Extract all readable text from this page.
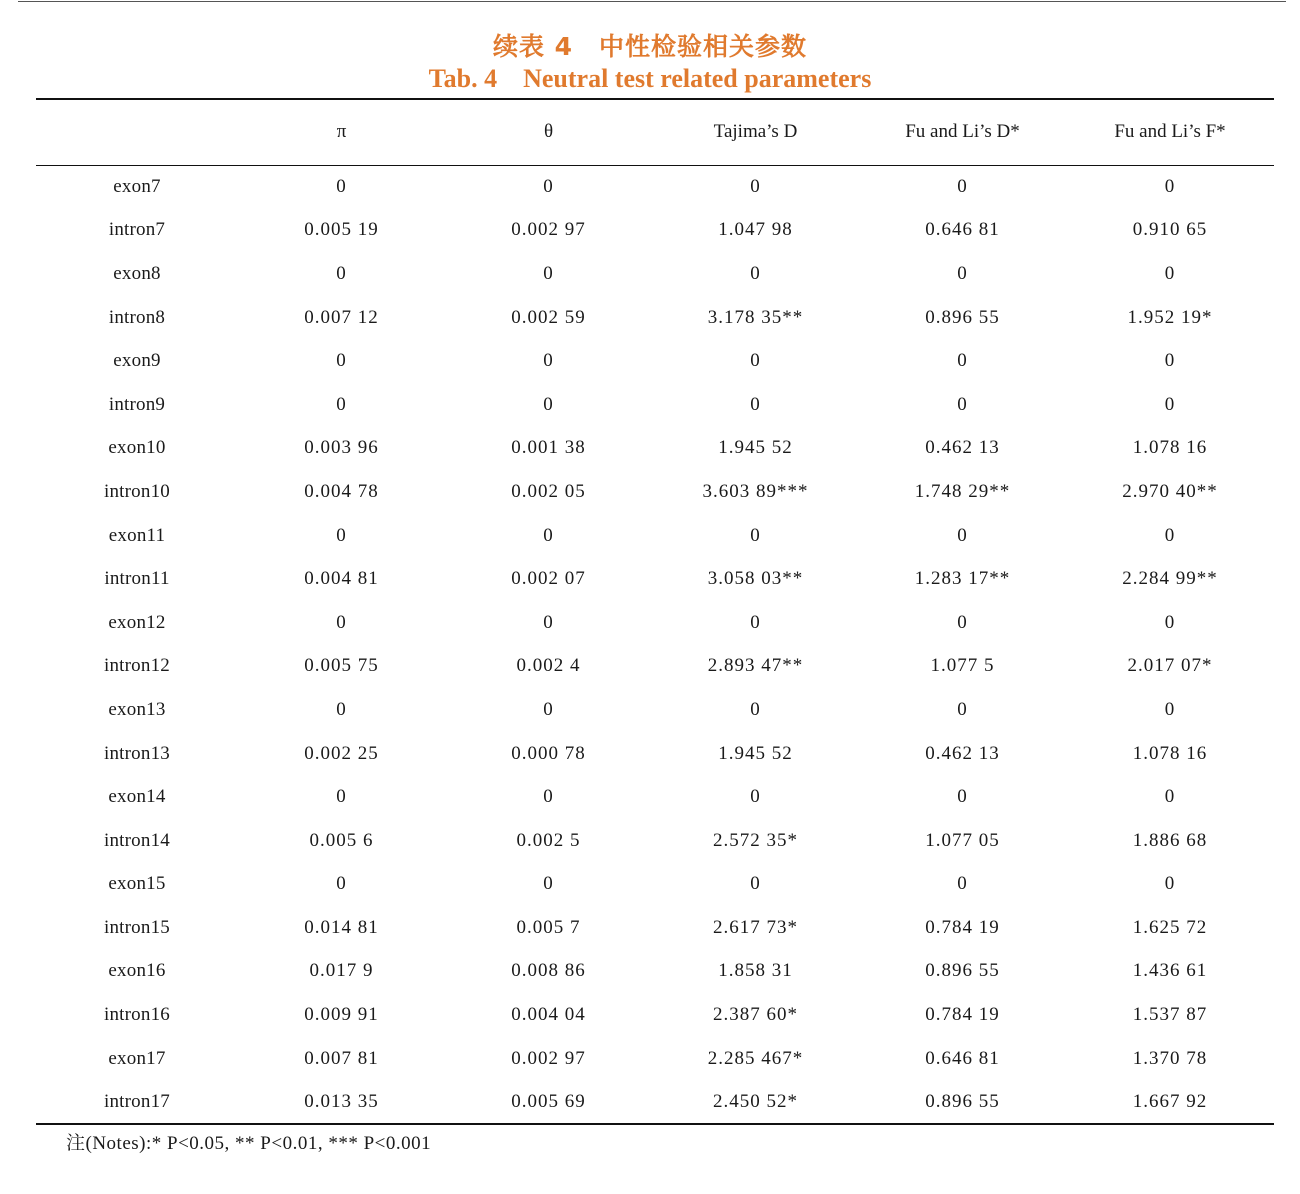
续表 4　中性检验相关参数
Tab. 4 Neutral test related parameters
	π	θ	Tajima’s D	Fu and Li’s D*	Fu and Li’s F*
exon7	0	0	0	0	0
intron7	0.005 19	0.002 97	1.047 98	0.646 81	0.910 65
exon8	0	0	0	0	0
intron8	0.007 12	0.002 59	3.178 35**	0.896 55	1.952 19*
exon9	0	0	0	0	0
intron9	0	0	0	0	0
exon10	0.003 96	0.001 38	1.945 52	0.462 13	1.078 16
intron10	0.004 78	0.002 05	3.603 89***	1.748 29**	2.970 40**
exon11	0	0	0	0	0
intron11	0.004 81	0.002 07	3.058 03**	1.283 17**	2.284 99**
exon12	0	0	0	0	0
intron12	0.005 75	0.002 4	2.893 47**	1.077 5	2.017 07*
exon13	0	0	0	0	0
intron13	0.002 25	0.000 78	1.945 52	0.462 13	1.078 16
exon14	0	0	0	0	0
intron14	0.005 6	0.002 5	2.572 35*	1.077 05	1.886 68
exon15	0	0	0	0	0
intron15	0.014 81	0.005 7	2.617 73*	0.784 19	1.625 72
exon16	0.017 9	0.008 86	1.858 31	0.896 55	1.436 61
intron16	0.009 91	0.004 04	2.387 60*	0.784 19	1.537 87
exon17	0.007 81	0.002 97	2.285 467*	0.646 81	1.370 78
intron17	0.013 35	0.005 69	2.450 52*	0.896 55	1.667 92
注(Notes):* P<0.05, ** P<0.01, *** P<0.001
